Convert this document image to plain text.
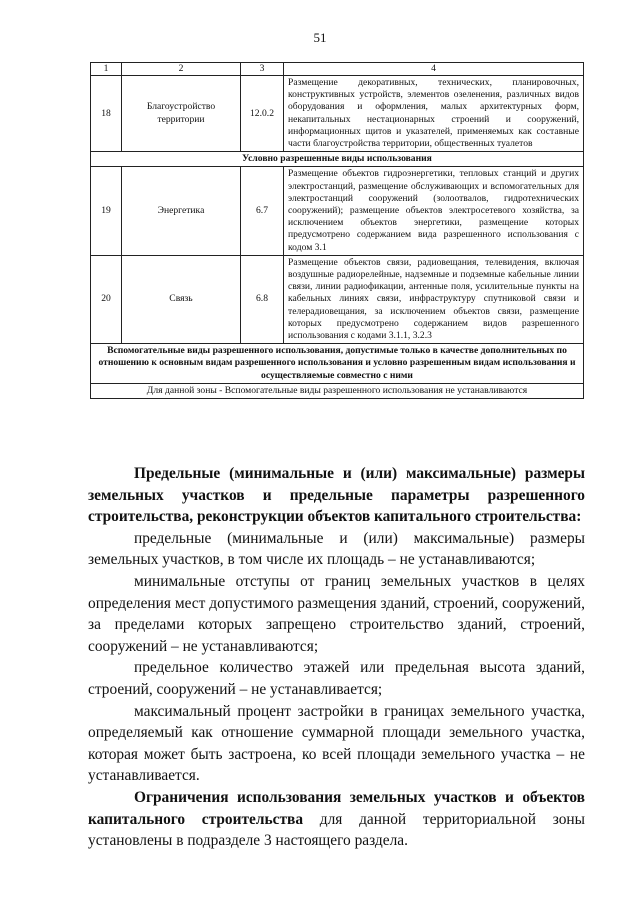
51
1	2	3	4
18	Благоустройство территории	12.0.2	Размещение декоративных, технических, планировочных, конструктивных устройств, элементов озеленения, различных видов оборудования и оформления, малых архитектурных форм, некапитальных нестационарных строений и сооружений, информационных щитов и указателей, применяемых как составные части благоустройства территории, общественных туалетов
Условно разрешенные виды использования			
19	Энергетика	6.7	Размещение объектов гидроэнергетики, тепловых станций и других электростанций, размещение обслуживающих и вспомогательных для электростанций сооружений (золоотвалов, гидротехнических сооружений); размещение объектов электросетевого хозяйства, за исключением объектов энергетики, размещение которых предусмотрено содержанием вида разрешенного использования с кодом 3.1
20	Связь	6.8	Размещение объектов связи, радиовещания, телевидения, включая воздушные радиорелейные, надземные и подземные кабельные линии связи, линии радиофикации, антенные поля, усилительные пункты на кабельных линиях связи, инфраструктуру спутниковой связи и телерадиовещания, за исключением объектов связи, размещение которых предусмотрено содержанием видов разрешенного использования с кодами 3.1.1, 3.2.3
Вспомогательные виды разрешенного использования, допустимые только в качестве дополнительных по отношению к основным видам разрешенного использования и условно разрешенным видам использования и осуществляемые совместно с ними			
Для данной зоны - Вспомогательные виды разрешенного использования не устанавливаются			

Предельные (минимальные и (или) максимальные) размеры земельных участков и предельные параметры разрешенного строительства, реконструкции объектов капитального строительства:

предельные (минимальные и (или) максимальные) размеры земельных участков, в том числе их площадь – не устанавливаются;

минимальные отступы от границ земельных участков в целях определения мест допустимого размещения зданий, строений, сооружений, за пределами которых запрещено строительство зданий, строений, сооружений – не устанавливаются;

предельное количество этажей или предельная высота зданий, строений, сооружений – не устанавливается;

максимальный процент застройки в границах земельного участка, определяемый как отношение суммарной площади земельного участка, которая может быть застроена, ко всей площади земельного участка – не устанавливается.

Ограничения использования земельных участков и объектов капитального строительства для данной территориальной зоны установлены в подразделе 3 настоящего раздела.
